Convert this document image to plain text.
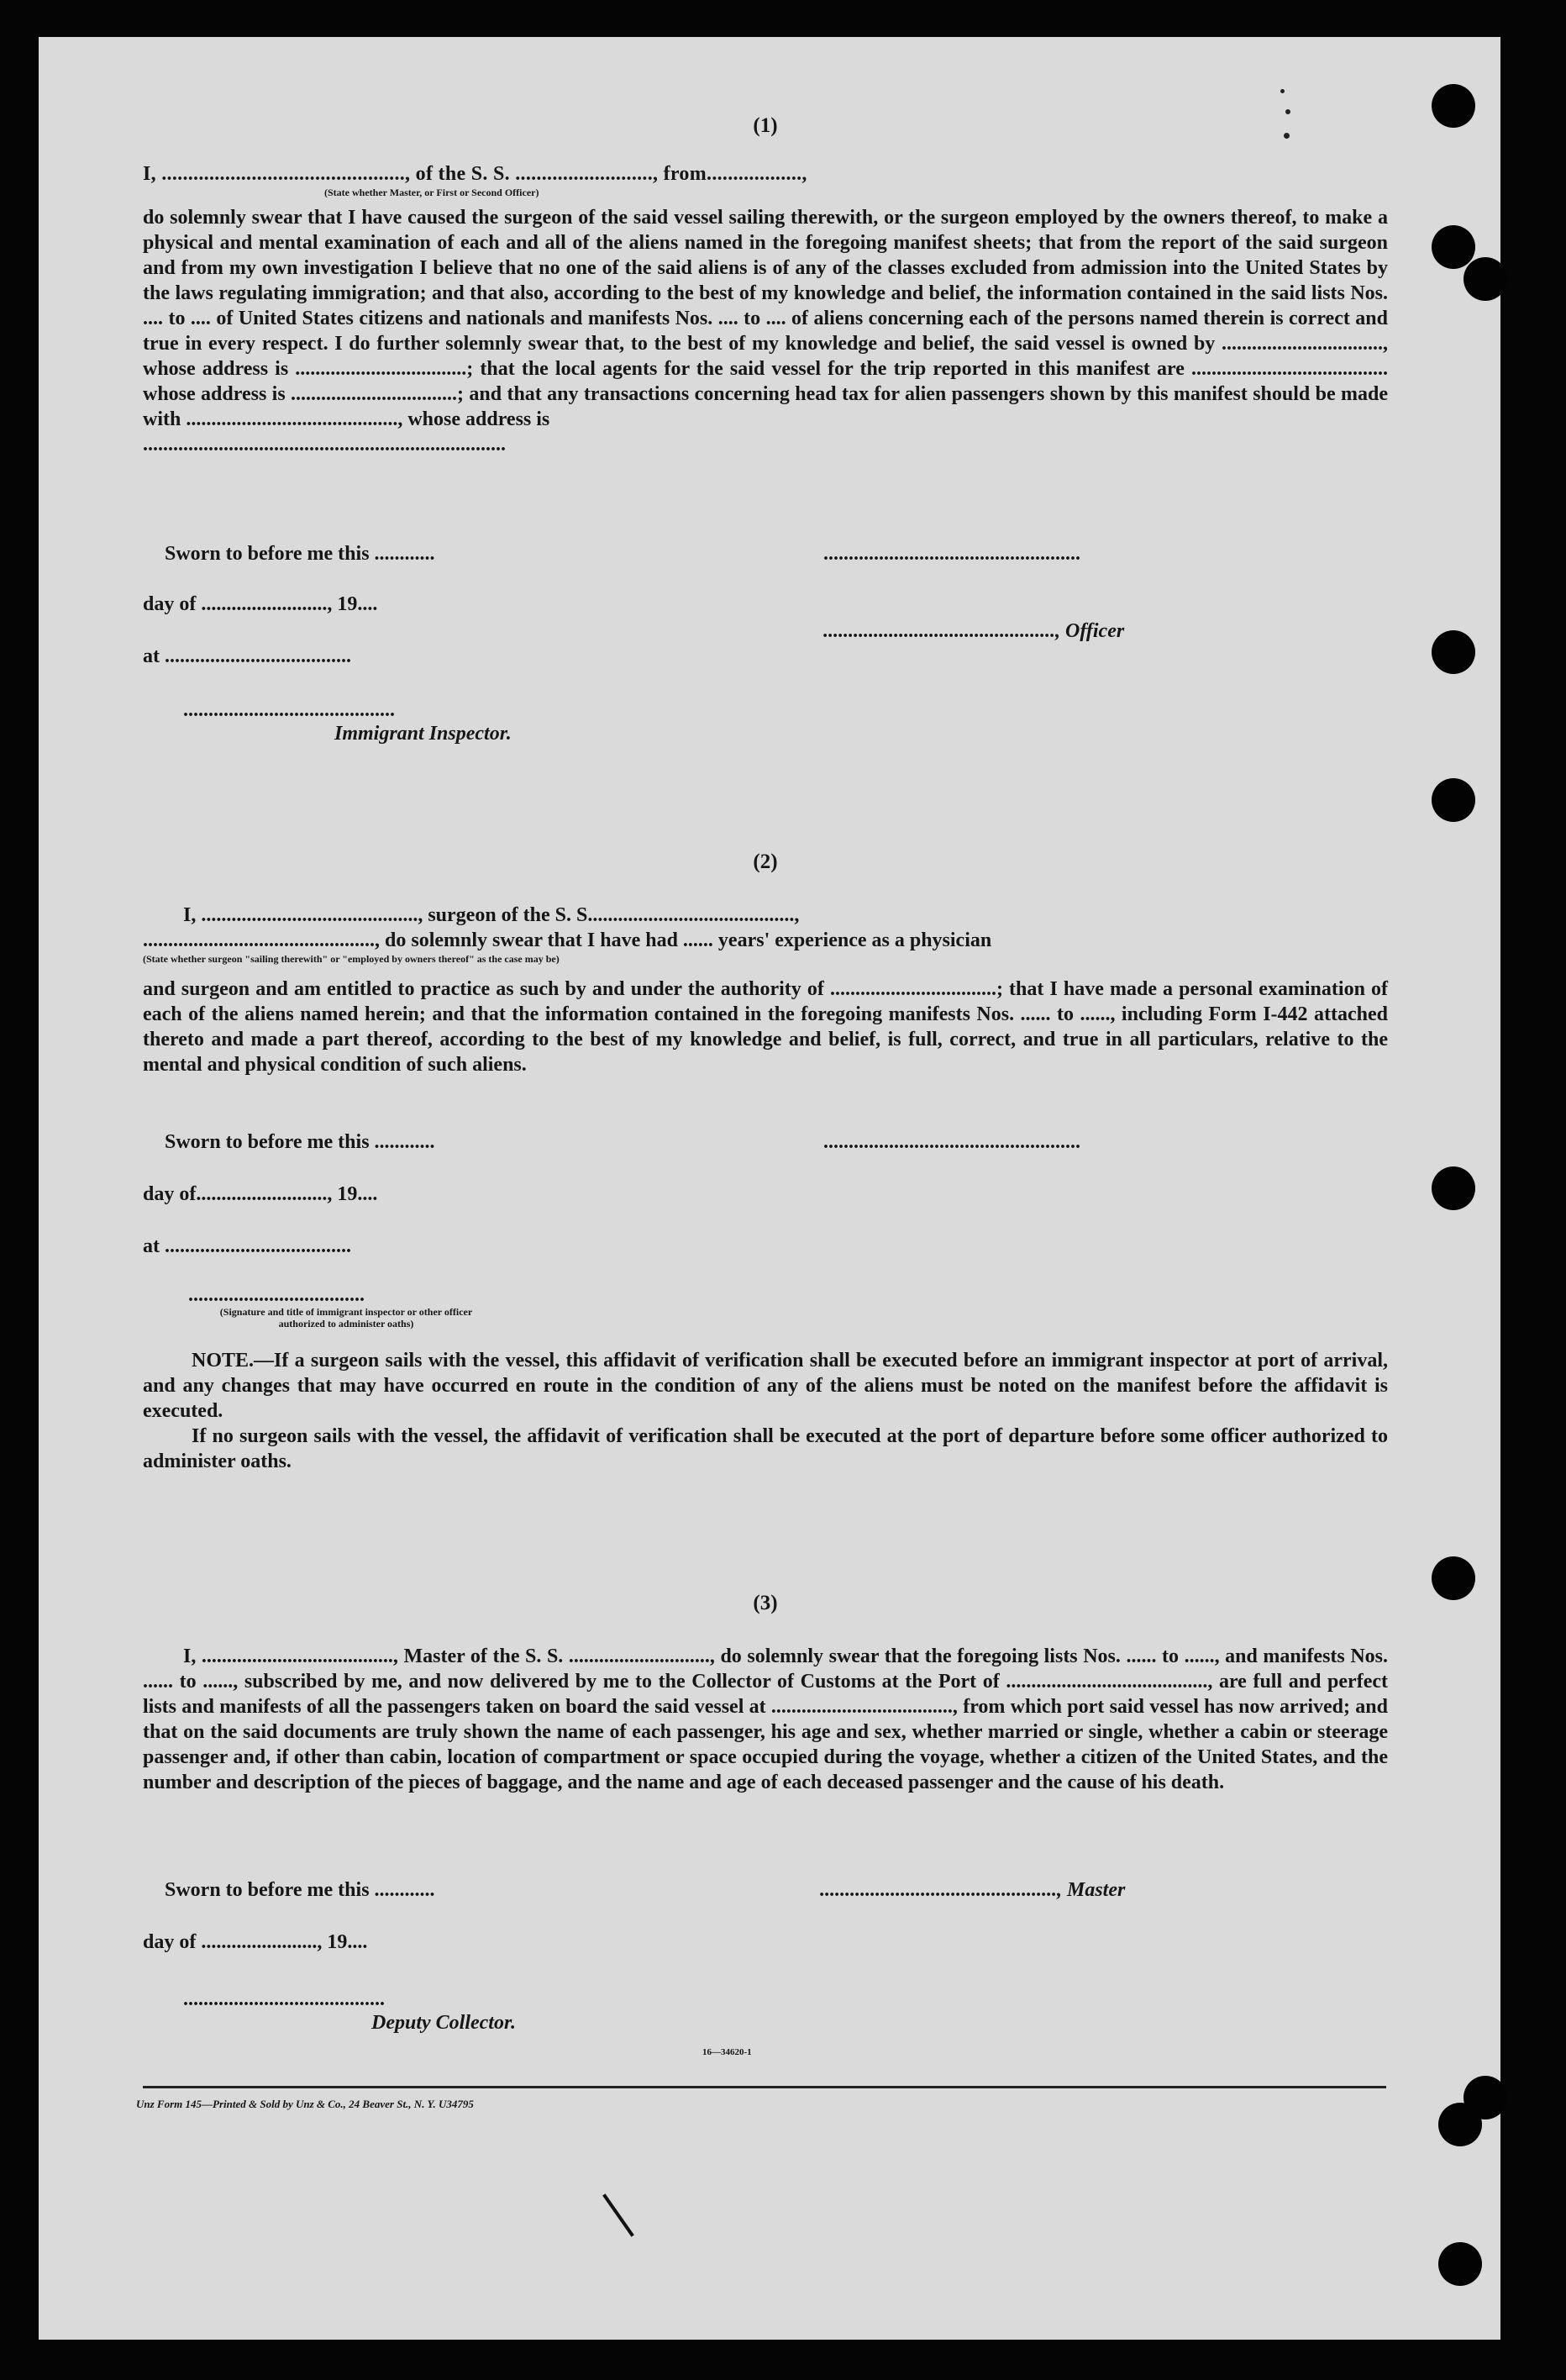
(1)
I, .............................................., of the S. S. .........................., from..................,
(State whether Master, or First or Second Officer)
do solemnly swear that I have caused the surgeon of the said vessel sailing therewith, or the surgeon employed by the owners thereof, to make a physical and mental examination of each and all of the aliens named in the foregoing manifest sheets; that from the report of the said surgeon and from my own investigation I believe that no one of the said aliens is of any of the classes excluded from admission into the United States by the laws regulating immigration; and that also, according to the best of my knowledge and belief, the information contained in the said lists Nos. .... to .... of United States citizens and nationals and manifests Nos. .... to .... of aliens concerning each of the persons named therein is correct and true in every respect. I do further solemnly swear that, to the best of my knowledge and belief, the said vessel is owned by ................................, whose address is ..................................; that the local agents for the said vessel for the trip reported in this manifest are ....................................... whose address is .................................; and that any transactions concerning head tax for alien passengers shown by this manifest should be made with .........................................., whose address is
........................................................................
Sworn to before me this ............	...................................................
day of ........................., 19....
.............................................., Officer
at .....................................
..........................................
Immigrant Inspector.
(2)
I, ..........................................., surgeon of the S. S.........................................,
.............................................., do solemnly swear that I have had ...... years' experience as a physician
(State whether surgeon "sailing therewith" or "employed by owners thereof" as the case may be)
and surgeon and am entitled to practice as such by and under the authority of .................................; that I have made a personal examination of each of the aliens named herein; and that the information contained in the foregoing manifests Nos. ...... to ......, including Form I-442 attached thereto and made a part thereof, according to the best of my knowledge and belief, is full, correct, and true in all particulars, relative to the mental and physical condition of such aliens.
Sworn to before me this ............	...................................................
day of.........................., 19....
at .....................................
...................................
(Signature and title of immigrant inspector or other officer authorized to administer oaths)
NOTE.—If a surgeon sails with the vessel, this affidavit of verification shall be executed before an immigrant inspector at port of arrival, and any changes that may have occurred en route in the condition of any of the aliens must be noted on the manifest before the affidavit is executed.
If no surgeon sails with the vessel, the affidavit of verification shall be executed at the port of departure before some officer authorized to administer oaths.
(3)
I, ......................................, Master of the S. S. ............................, do solemnly swear that the foregoing lists Nos. ...... to ......, and manifests Nos. ...... to ......, subscribed by me, and now delivered by me to the Collector of Customs at the Port of ........................................, are full and perfect lists and manifests of all the passengers taken on board the said vessel at ...................................., from which port said vessel has now arrived; and that on the said documents are truly shown the name of each passenger, his age and sex, whether married or single, whether a cabin or steerage passenger and, if other than cabin, location of compartment or space occupied during the voyage, whether a citizen of the United States, and the number and description of the pieces of baggage, and the name and age of each deceased passenger and the cause of his death.
Sworn to before me this ............	..............................................., Master
day of ......................., 19....
........................................
Deputy Collector.
16—34620-1
Unz Form 145—Printed & Sold by Unz & Co., 24 Beaver St., N. Y. U34795
